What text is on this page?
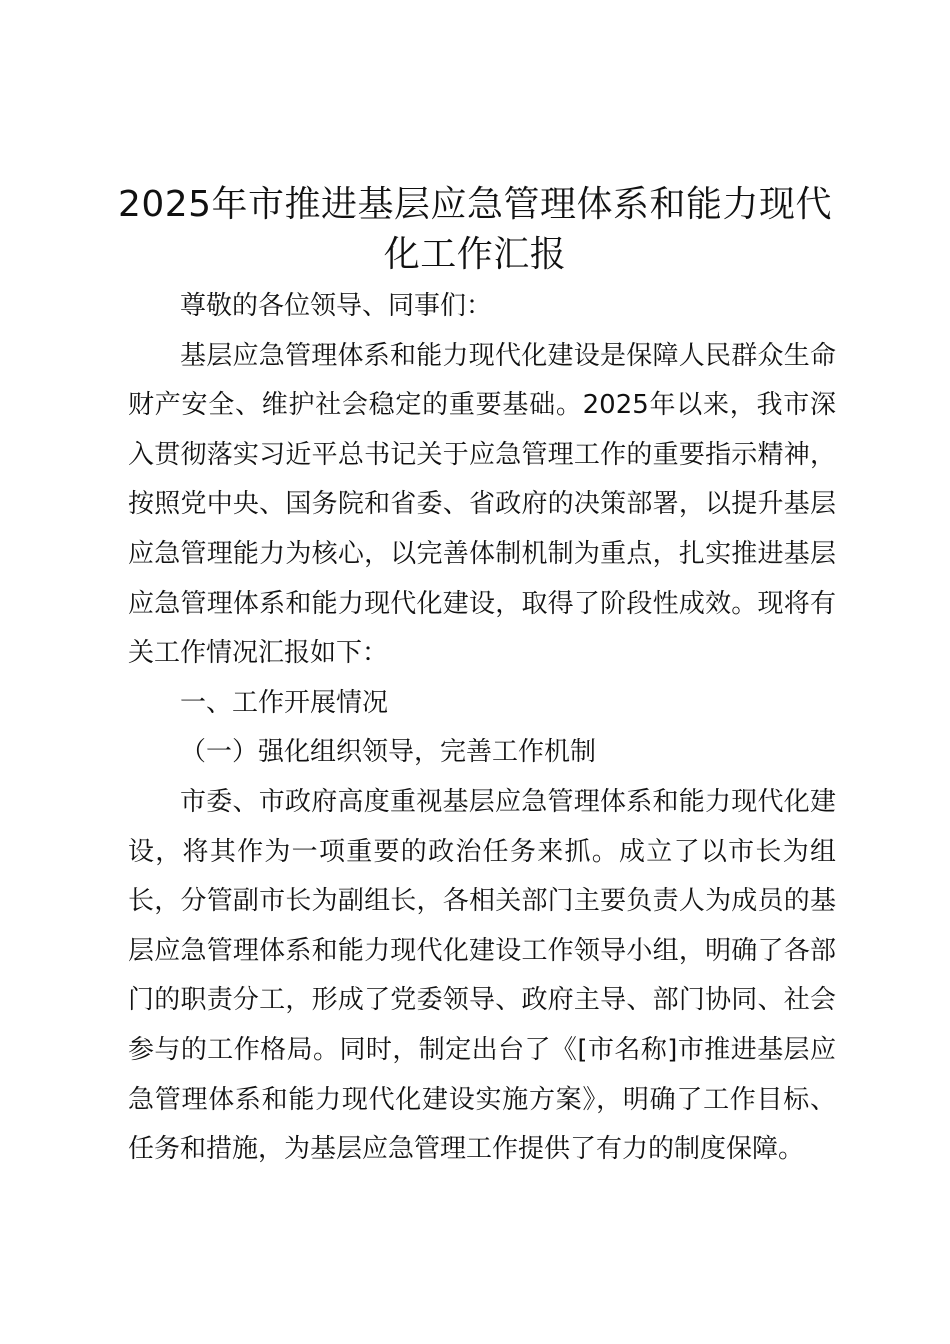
2025年市推进基层应急管理体系和能力现代化工作汇报

尊敬的各位领导、同事们：

基层应急管理体系和能力现代化建设是保障人民群众生命财产安全、维护社会稳定的重要基础。2025年以来，我市深入贯彻落实习近平总书记关于应急管理工作的重要指示精神，按照党中央、国务院和省委、省政府的决策部署，以提升基层应急管理能力为核心，以完善体制机制为重点，扎实推进基层应急管理体系和能力现代化建设，取得了阶段性成效。现将有关工作情况汇报如下：

一、工作开展情况

（一）强化组织领导，完善工作机制

市委、市政府高度重视基层应急管理体系和能力现代化建设，将其作为一项重要的政治任务来抓。成立了以市长为组长，分管副市长为副组长，各相关部门主要负责人为成员的基层应急管理体系和能力现代化建设工作领导小组，明确了各部门的职责分工，形成了党委领导、政府主导、部门协同、社会参与的工作格局。同时，制定出台了《[市名称]市推进基层应急管理体系和能力现代化建设实施方案》，明确了工作目标、任务和措施，为基层应急管理工作提供了有力的制度保障。
